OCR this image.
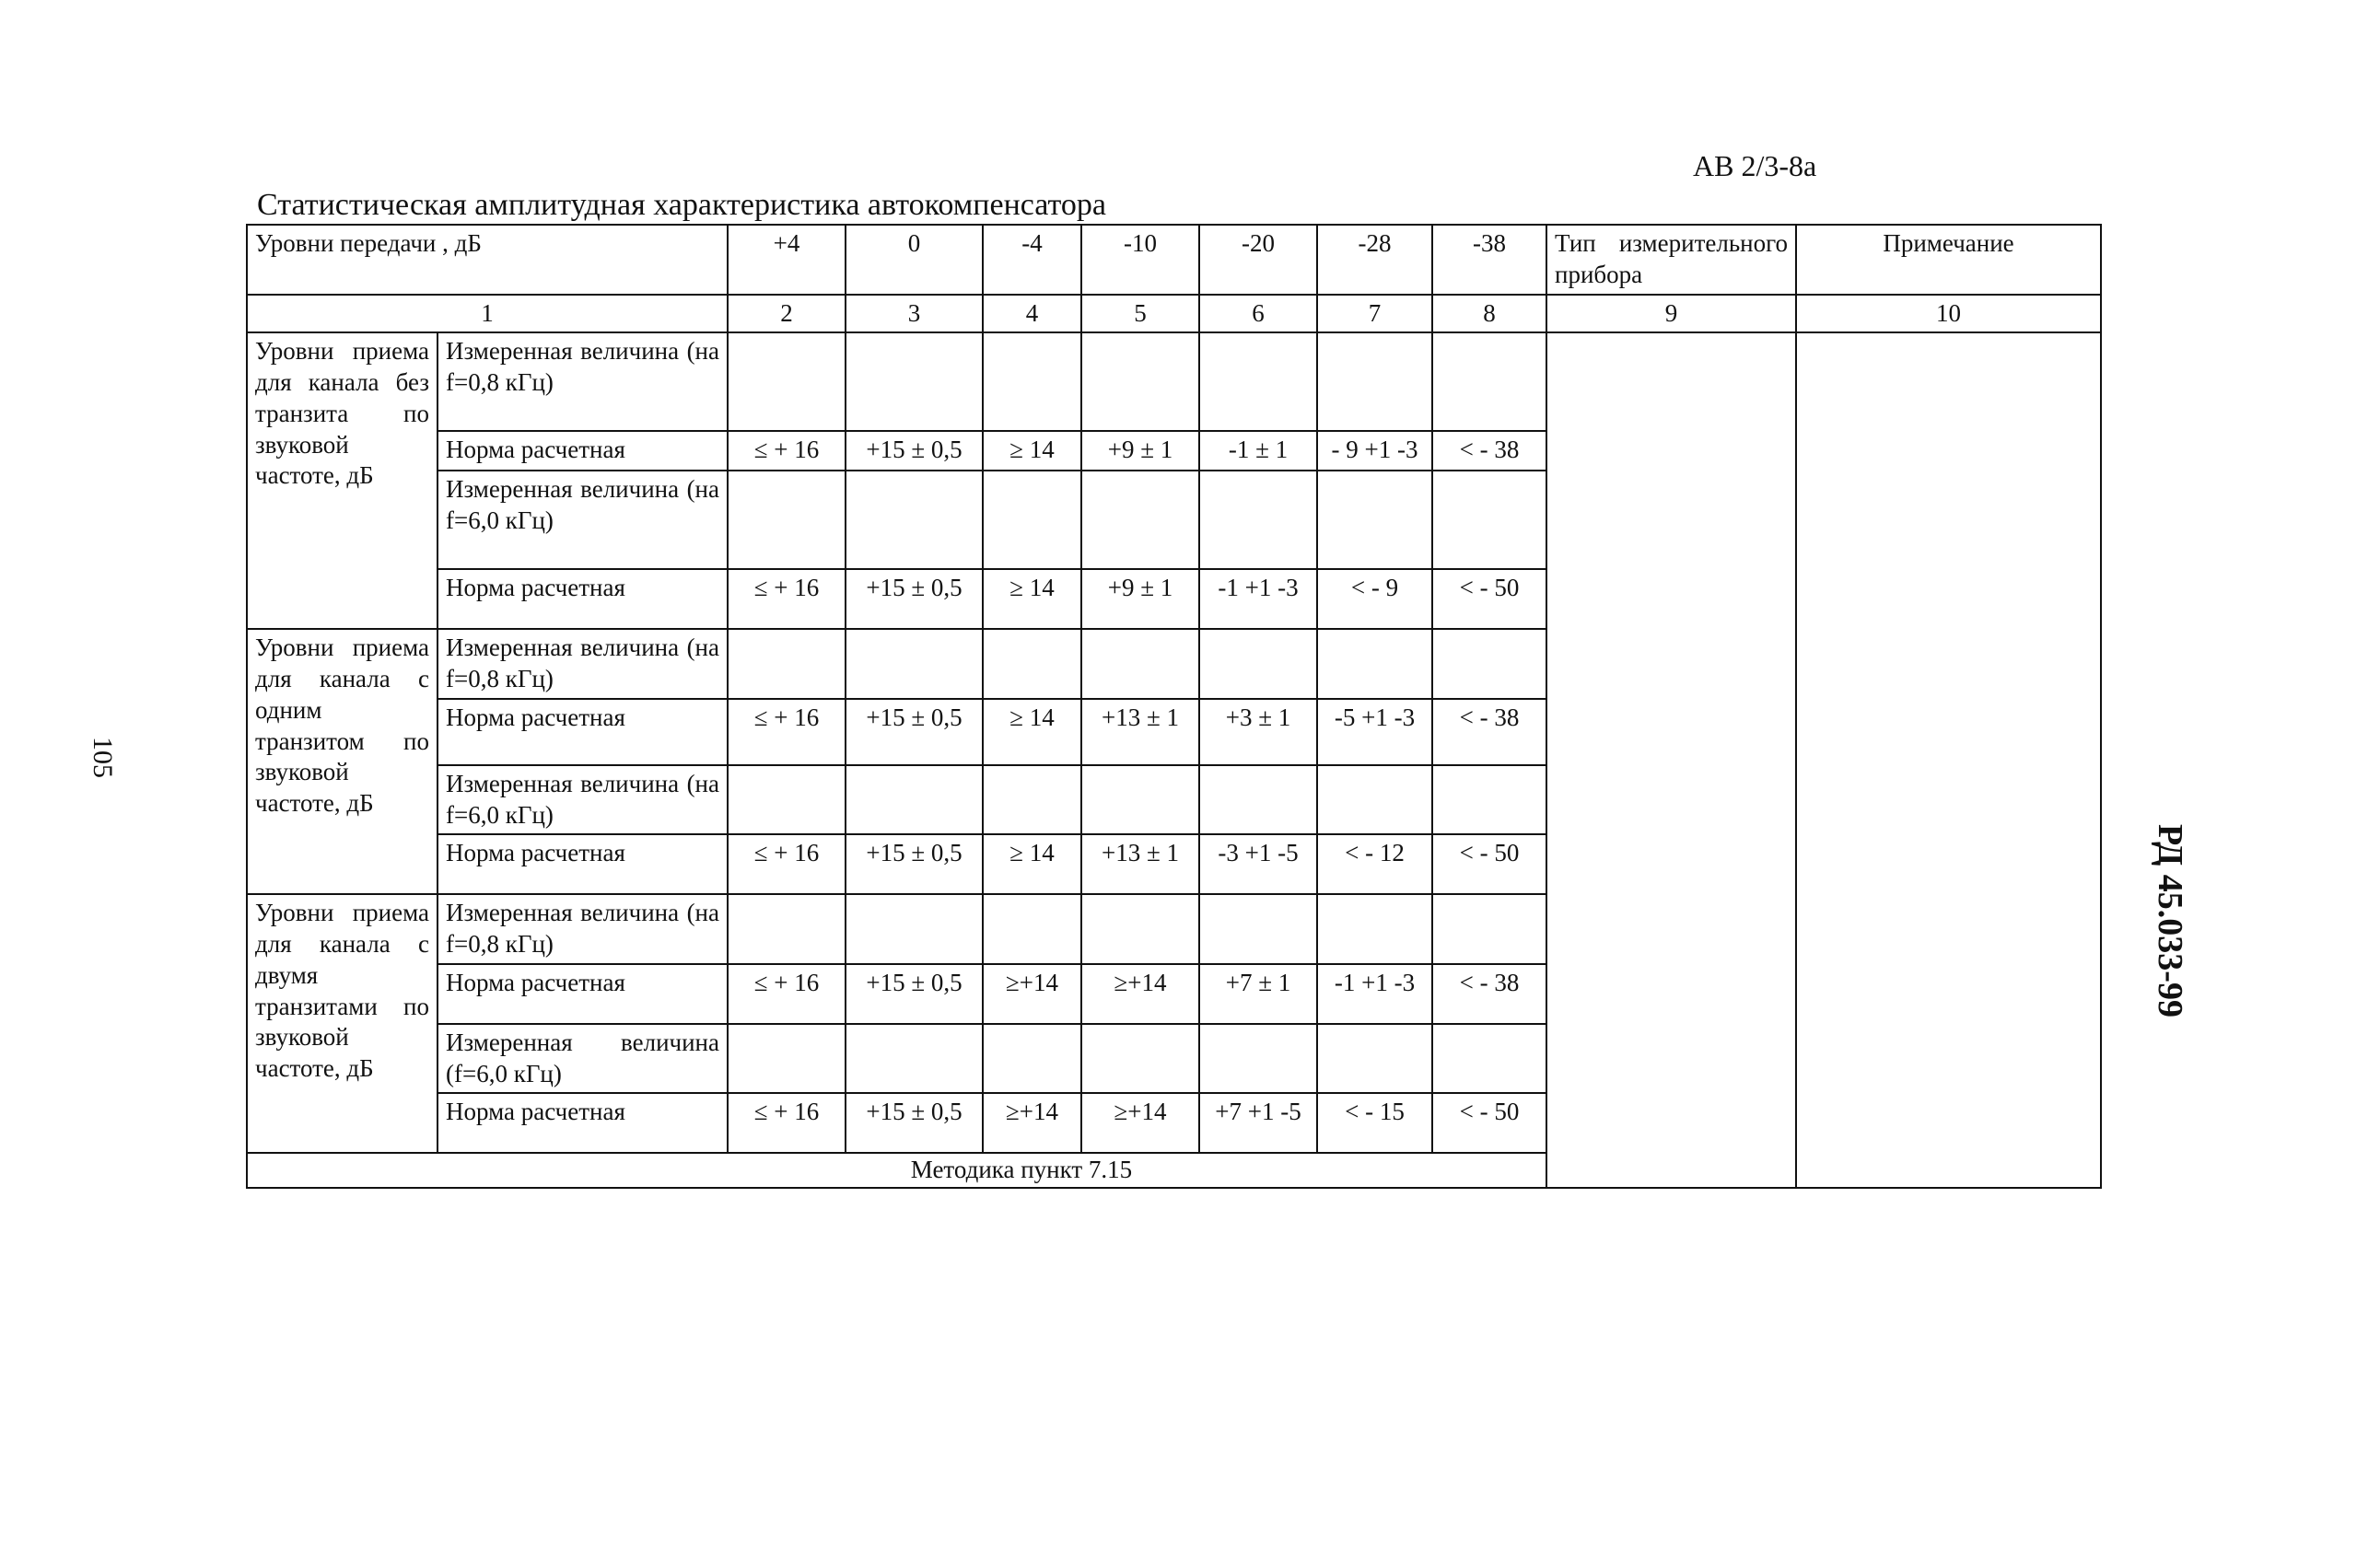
АВ 2/3-8а
Статистическая амплитудная характеристика автокомпенсатора
105
РД 45.033-99
Уровни передачи , дБ		+4	0	-4	-10	-20	-28	-38	Тип измерительного прибора	Примечание
1		2	3	4	5	6	7	8	9	10
Уровни приема для канала без транзита по звуковой частоте, дБ	Измеренная величина (на f=0,8 кГц)									
	Норма расчетная	≤ + 16	+15 ± 0,5	≥ 14	+9 ± 1	-1 ± 1	- 9 +1 -3	< - 38		
	Измеренная величина (на f=6,0 кГц)									
	Норма расчетная	≤ + 16	+15 ± 0,5	≥ 14	+9 ± 1	-1 +1 -3	< - 9	< - 50		
Уровни приема для канала с одним транзитом по звуковой частоте, дБ	Измеренная величина (на f=0,8 кГц)									
	Норма расчетная	≤ + 16	+15 ± 0,5	≥ 14	+13 ± 1	+3 ± 1	-5 +1 -3	< - 38		
	Измеренная величина (на f=6,0 кГц)									
	Норма расчетная	≤ + 16	+15 ± 0,5	≥ 14	+13 ± 1	-3 +1 -5	< - 12	< - 50		
Уровни приема для канала с двумя транзитами по звуковой частоте, дБ	Измеренная величина (на f=0,8 кГц)									
	Норма расчетная	≤ + 16	+15 ± 0,5	≥+14	≥+14	+7 ± 1	-1 +1 -3	< - 38		
	Измеренная величина (f=6,0 кГц)									
	Норма расчетная	≤ + 16	+15 ± 0,5	≥+14	≥+14	+7 +1 -5	< - 15	< - 50		
Методика пункт 7.15										
